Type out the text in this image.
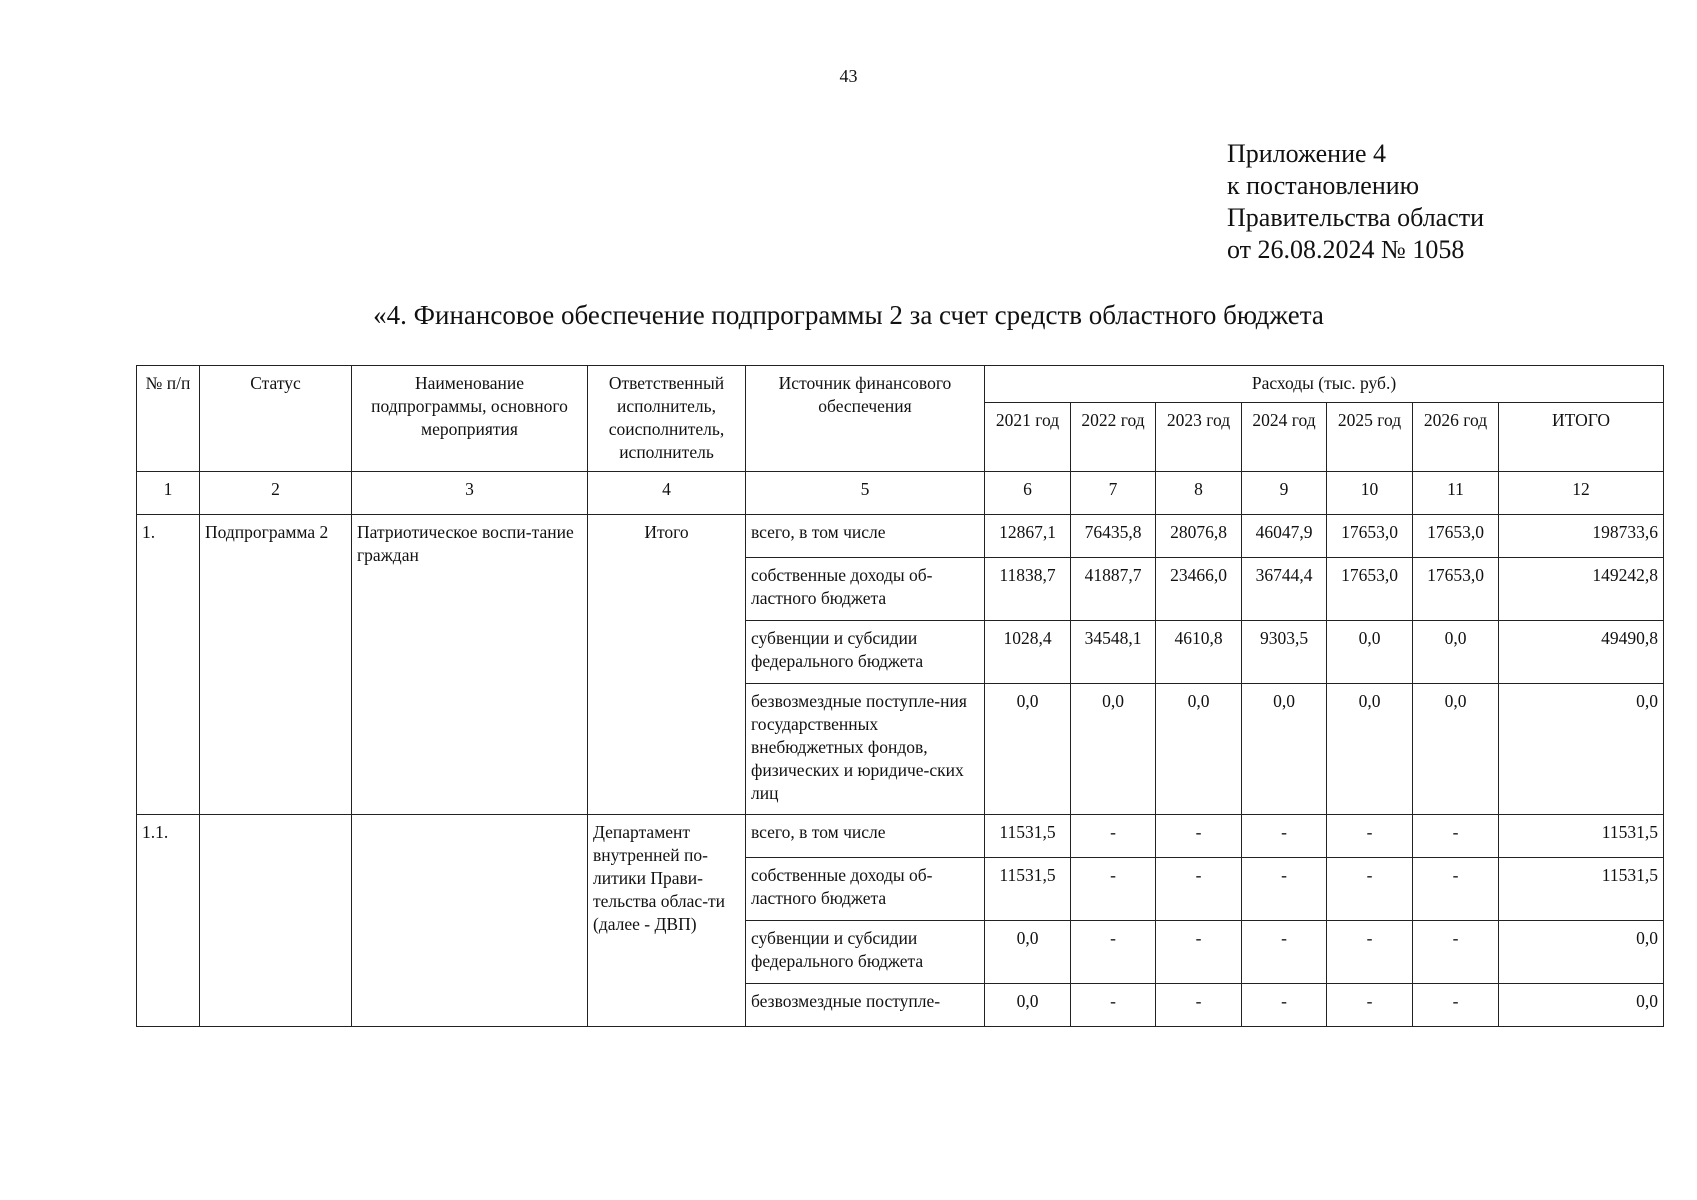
43
Приложение 4
к постановлению
Правительства области
от 26.08.2024 № 1058
«4. Финансовое обеспечение подпрограммы 2 за счет средств областного бюджета
№ п/п	Статус	Наименование подпрограммы, основного мероприятия	Ответственный исполнитель, соисполнитель, исполнитель	Источник финансового обеспечения	Расходы (тыс. руб.)						
					2021 год	2022 год	2023 год	2024 год	2025 год	2026 год	ИТОГО
1	2	3	4	5	6	7	8	9	10	11	12
1.	Подпрограмма 2	Патриотическое воспи-тание граждан	Итого	всего, в том числе	12867,1	76435,8	28076,8	46047,9	17653,0	17653,0	198733,6
				собственные доходы об-ластного бюджета	11838,7	41887,7	23466,0	36744,4	17653,0	17653,0	149242,8
				субвенции и субсидии федерального бюджета	1028,4	34548,1	4610,8	9303,5	0,0	0,0	49490,8
				безвозмездные поступле-ния государственных внебюджетных фондов, физических и юридиче-ских лиц	0,0	0,0	0,0	0,0	0,0	0,0	0,0
1.1.			Департамент внутренней по-литики Прави-тельства облас-ти (далее - ДВП)	всего, в том числе	11531,5	-	-	-	-	-	11531,5
				собственные доходы об-ластного бюджета	11531,5	-	-	-	-	-	11531,5
				субвенции и субсидии федерального бюджета	0,0	-	-	-	-	-	0,0
				безвозмездные поступле-	0,0	-	-	-	-	-	0,0
